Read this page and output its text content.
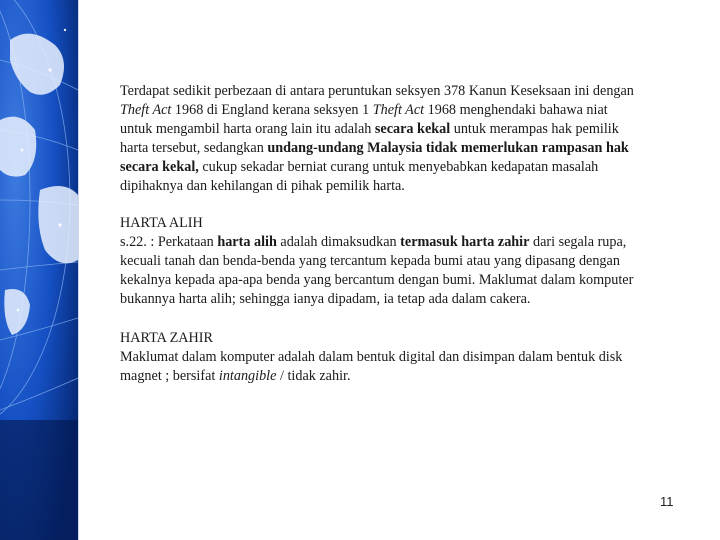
Terdapat sedikit perbezaan di antara peruntukan seksyen 378 Kanun Keseksaan ini dengan Theft Act 1968 di England kerana seksyen 1 Theft Act 1968 menghendaki bahawa niat untuk mengambil harta orang lain itu adalah secara kekal untuk merampas hak pemilik harta tersebut, sedangkan undang-undang Malaysia tidak memerlukan rampasan hak secara kekal, cukup sekadar berniat curang untuk menyebabkan kedapatan masalah dipihaknya dan kehilangan di pihak pemilik harta.

HARTA ALIH

s.22. : Perkataan harta alih adalah dimaksudkan termasuk harta zahir dari segala rupa, kecuali tanah dan benda-benda yang tercantum kepada bumi atau yang dipasang dengan kekalnya kepada apa-apa benda yang bercantum dengan bumi. Maklumat dalam komputer bukannya harta alih; sehingga ianya dipadam, ia tetap ada dalam cakera.

HARTA ZAHIR

Maklumat dalam komputer adalah dalam bentuk digital dan disimpan dalam bentuk disk magnet ; bersifat intangible / tidak zahir.

11
